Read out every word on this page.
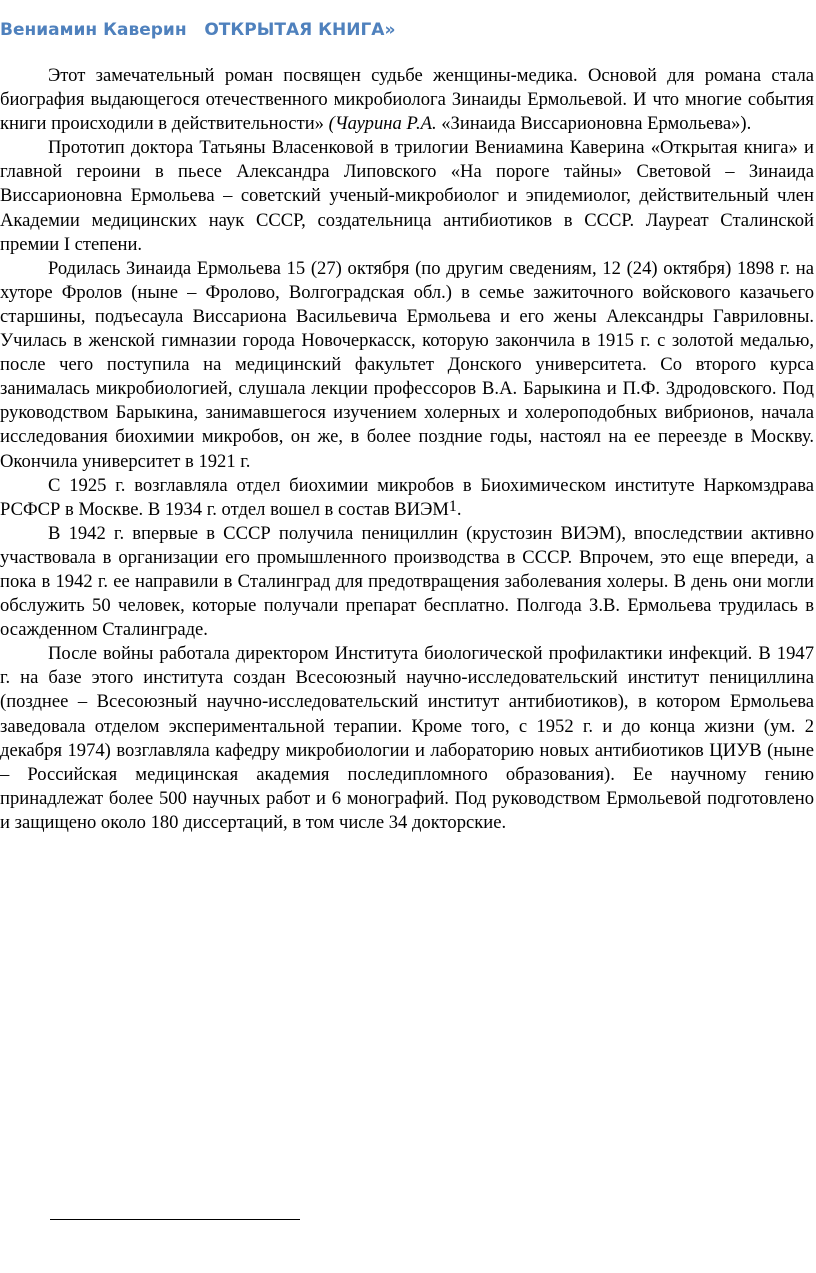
Вениамин Каверин ОТКРЫТАЯ КНИГА»

Этот замечательный роман посвящен судьбе женщины-медика. Основой для романа стала биография выдающегося отечественного микробиолога Зинаиды Ермольевой. И что многие события книги происходили в действительности» (Чаурина Р.А. «Зинаида Виссарионовна Ермольева»).

Прототип доктора Татьяны Власенковой в трилогии Вениамина Каверина «Открытая книга» и главной героини в пьесе Александра Липовского «На пороге тайны» Световой – Зинаида Виссарионовна Ермольева – советский ученый-микробиолог и эпидемиолог, действительный член Академии медицинских наук СССР, создательница антибиотиков в СССР. Лауреат Сталинской премии I степени.

Родилась Зинаида Ермольева 15 (27) октября (по другим сведениям, 12 (24) октября) 1898 г. на хуторе Фролов (ныне – Фролово, Волгоградская обл.) в семье зажиточного войскового казачьего старшины, подъесаула Виссариона Васильевича Ермольева и его жены Александры Гавриловны. Училась в женской гимназии города Новочеркасск, которую закончила в 1915 г. с золотой медалью, после чего поступила на медицинский факультет Донского университета. Со второго курса занималась микробиологией, слушала лекции профессоров В.А. Барыкина и П.Ф. Здродовского. Под руководством Барыкина, занимавшегося изучением холерных и холероподобных вибрионов, начала исследования биохимии микробов, он же, в более поздние годы, настоял на ее переезде в Москву. Окончила университет в 1921 г.

С 1925 г. возглавляла отдел биохимии микробов в Биохимическом институте Наркомздрава РСФСР в Москве. В 1934 г. отдел вошел в состав ВИЭМ$^1$.

В 1942 г. впервые в СССР получила пенициллин (крустозин ВИЭМ), впоследствии активно участвовала в организации его промышленного производства в СССР. Впрочем, это еще впереди, а пока в 1942 г. ее направили в Сталинград для предотвращения заболевания холеры. В день они могли обслужить 50 человек, которые получали препарат бесплатно. Полгода З.В. Ермольева трудилась в осажденном Сталинграде.

После войны работала директором Института биологической профилактики инфекций. В 1947 г. на базе этого института создан Всесоюзный научно-исследовательский институт пенициллина (позднее – Всесоюзный научно-исследовательский институт антибиотиков), в котором Ермольева заведовала отделом экспериментальной терапии. Кроме того, с 1952 г. и до конца жизни (ум. 2 декабря 1974) возглавляла кафедру микробиологии и лабораторию новых антибиотиков ЦИУВ (ныне – Российская медицинская академия последипломного образования). Ее научному гению принадлежат более 500 научных работ и 6 монографий. Под руководством Ермольевой подготовлено и защищено около 180 диссертаций, в том числе 34 докторские.
